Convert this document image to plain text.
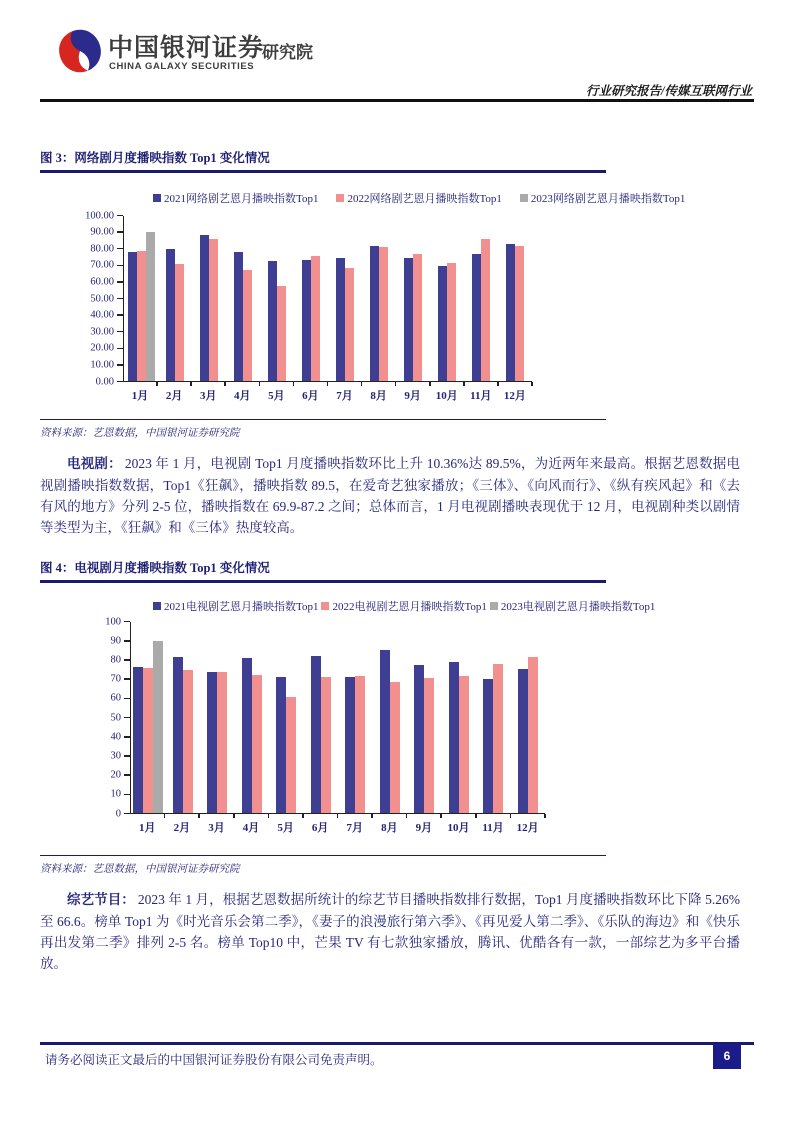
中国银河证券
CHINA GALAXY SECURITIES
研究院
行业研究报告/传媒互联网行业
图 3：网络剧月度播映指数 Top1 变化情况
2021网络剧艺恩月播映指数Top1	2022网络剧艺恩月播映指数Top1	2023网络剧艺恩月播映指数Top1
0.00
10.00
20.00
30.00
40.00
50.00
60.00
70.00
80.00
90.00
100.00
1月	2月	3月	4月	5月	6月	7月	8月	9月	10月	11月	12月
资料来源：艺恩数据，中国银河证券研究院

电视剧： 2023 年 1 月，电视剧 Top1 月度播映指数环比上升 10.36%达 89.5%，为近两年来最高。根据艺恩数据电视剧播映指数数据，Top1《狂飙》，播映指数 89.5，在爱奇艺独家播放；《三体》、《向风而行》、《纵有疾风起》和《去有风的地方》分列 2-5 位，播映指数在 69.9-87.2 之间；总体而言，1 月电视剧播映表现优于 12 月，电视剧种类以剧情等类型为主，《狂飙》和《三体》热度较高。

图 4：电视剧月度播映指数 Top1 变化情况
2021电视剧艺恩月播映指数Top1 2022电视剧艺恩月播映指数Top1 2023电视剧艺恩月播映指数Top1
0
10
20
30
40
50
60
70
80
90
100
1月	2月	3月	4月	5月	6月	7月	8月	9月	10月	11月	12月
资料来源：艺恩数据，中国银河证券研究院

综艺节目： 2023 年 1 月，根据艺恩数据所统计的综艺节目播映指数排行数据，Top1 月度播映指数环比下降 5.26%至 66.6。榜单 Top1 为《时光音乐会第二季》，《妻子的浪漫旅行第六季》、《再见爱人第二季》、《乐队的海边》和《快乐再出发第二季》排列 2-5 名。榜单 Top10 中，芒果 TV 有七款独家播放，腾讯、优酷各有一款，一部综艺为多平台播放。

请务必阅读正文最后的中国银河证券股份有限公司免责声明。	6
